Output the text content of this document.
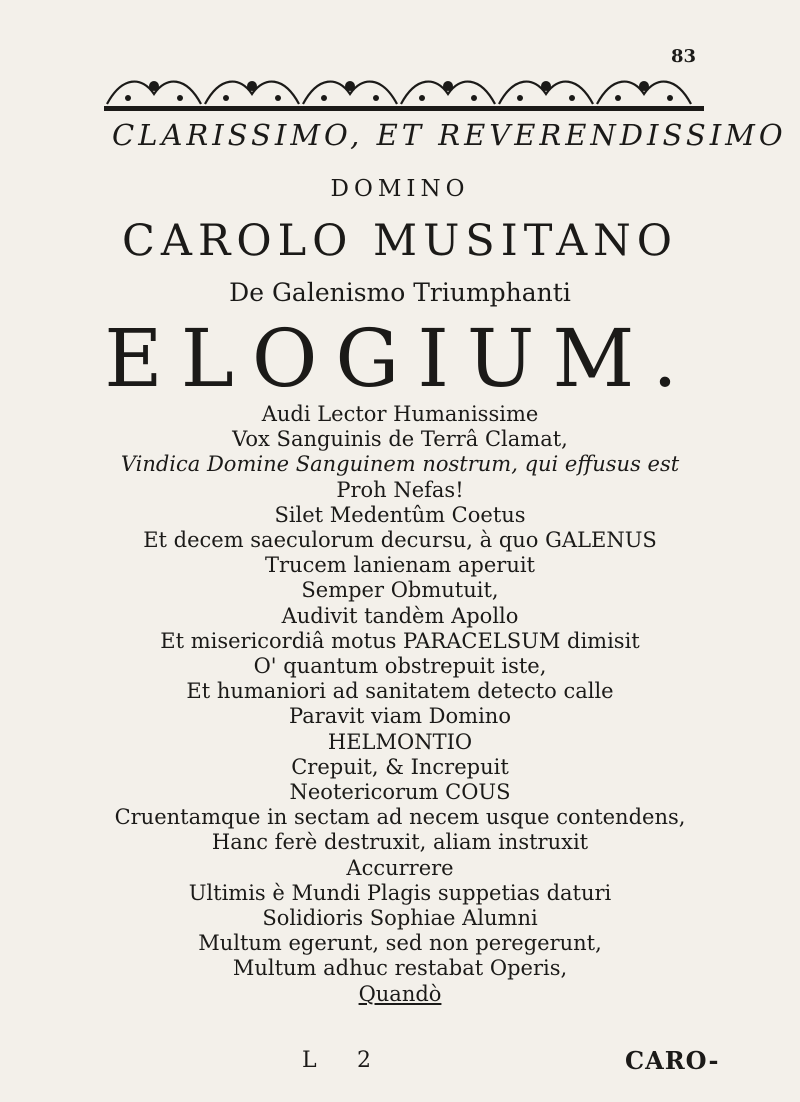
83
CLARISSIMO, ET REVERENDISSIMO
DOMINO
CAROLO MUSITANO
De Galenismo Triumphanti
ELOGIUM.
Audi Lector Humanissime
Vox Sanguinis de Terrâ Clamat,
Vindica Domine Sanguinem nostrum, qui effusus est
Proh Nefas!
Silet Medentûm Coetus
Et decem saeculorum decursu, à quo GALENUS
Trucem lanienam aperuit
Semper Obmutuit,
Audivit tandèm Apollo
Et misericordiâ motus PARACELSUM dimisit
O' quantum obstrepuit iste,
Et humaniori ad sanitatem detecto calle
Paravit viam Domino
HELMONTIO
Crepuit, & Increpuit
Neotericorum COUS
Cruentamque in sectam ad necem usque contendens,
Hanc ferè destruxit, aliam instruxit
Accurrere
Ultimis è Mundi Plagis suppetias daturi
Solidioris Sophiae Alumni
Multum egerunt, sed non peregerunt,
Multum adhuc restabat Operis,
Quandò
L 2	CARO-
